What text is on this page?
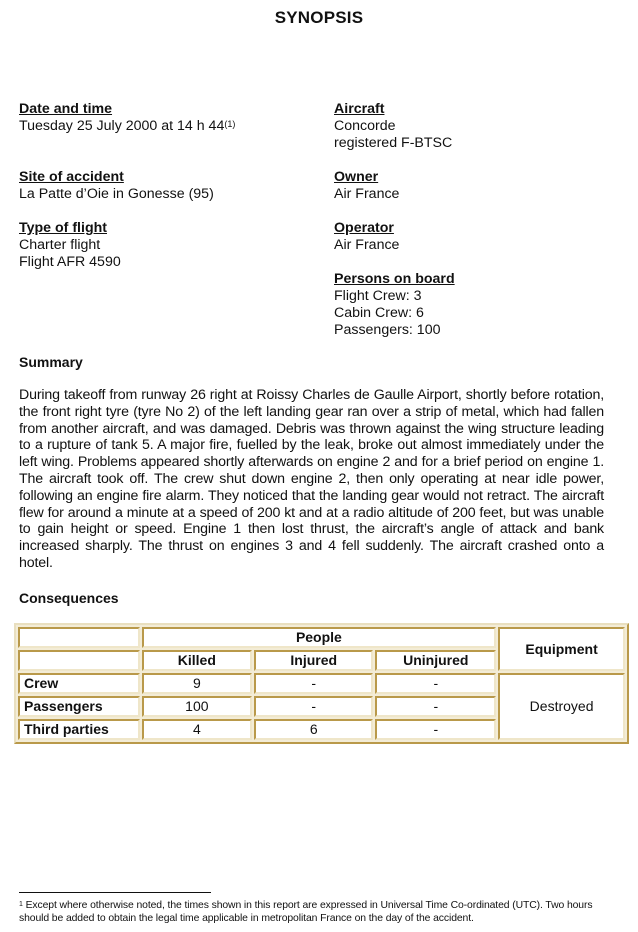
SYNOPSIS
Date and time
Tuesday 25 July 2000 at 14 h 44$^{(1)}$
Site of accident
La Patte d’Oie in Gonesse (95)
Type of flight
Charter flight
Flight AFR 4590
Aircraft
Concorde
registered F-BTSC
Owner
Air France
Operator
Air France
Persons on board
Flight Crew: 3
Cabin Crew: 6
Passengers: 100
Summary
During takeoff from runway 26 right at Roissy Charles de Gaulle Airport, shortly before rotation, the front right tyre (tyre No 2) of the left landing gear ran over a strip of metal, which had fallen from another aircraft, and was damaged. Debris was thrown against the wing structure leading to a rupture of tank 5. A major fire, fuelled by the leak, broke out almost immediately under the left wing. Problems appeared shortly afterwards on engine 2 and for a brief period on engine 1. The aircraft took off. The crew shut down engine 2, then only operating at near idle power, following an engine fire alarm. They noticed that the landing gear would not retract. The aircraft flew for around a minute at a speed of 200 kt and at a radio altitude of 200 feet, but was unable to gain height or speed. Engine 1 then lost thrust, the aircraft’s angle of attack and bank increased sharply. The thrust on engines 3 and 4 fell suddenly. The aircraft crashed onto a hotel.
Consequences
	People			Equipment
	Killed	Injured	Uninjured	
Crew	9	-	-	Destroyed
Passengers	100	-	-	
Third parties	4	6	-	
$^1$ Except where otherwise noted, the times shown in this report are expressed in Universal Time Co-ordinated (UTC). Two hours should be added to obtain the legal time applicable in metropolitan France on the day of the accident.
